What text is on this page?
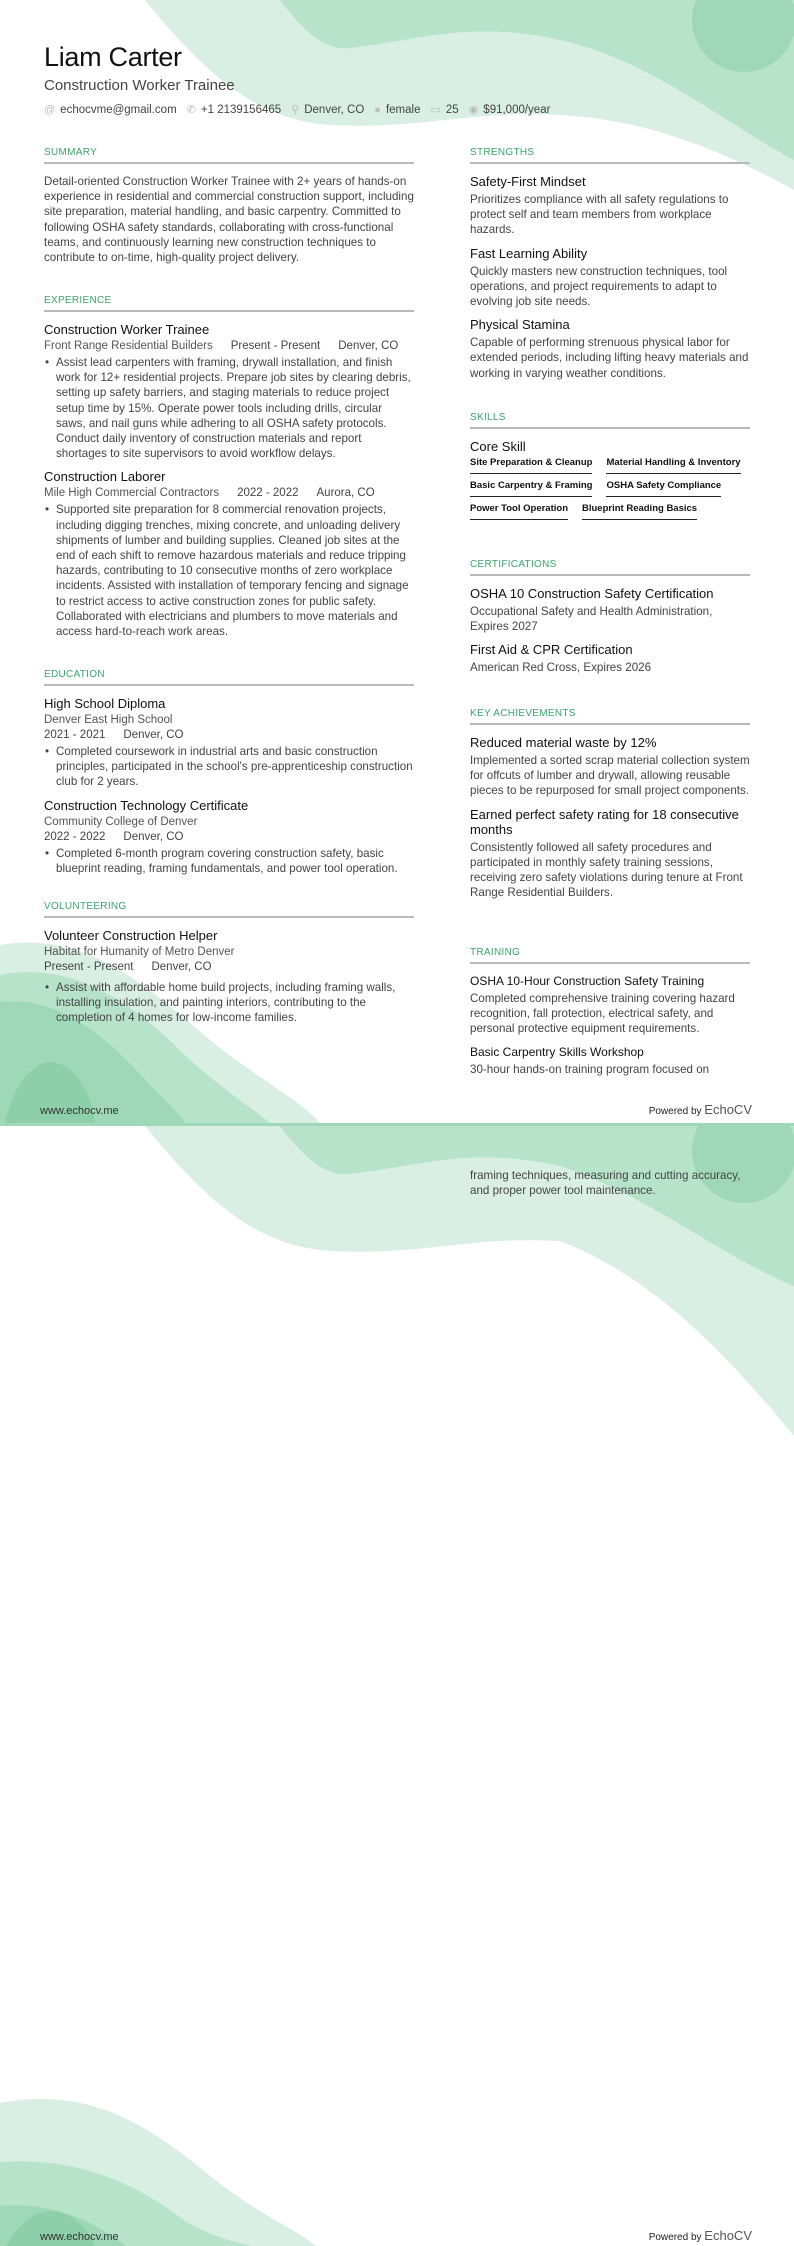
Liam Carter
Construction Worker Trainee
@ echocvme@gmail.com ✆ +1 2139156465 ⚲ Denver, CO ● female ▭ 25 ◉ $91,000/year
SUMMARY
Detail-oriented Construction Worker Trainee with 2+ years of hands-on experience in residential and commercial construction support, including site preparation, material handling, and basic carpentry. Committed to following OSHA safety standards, collaborating with cross-functional teams, and continuously learning new construction techniques to contribute to on-time, high-quality project delivery.
EXPERIENCE
Construction Worker Trainee
Front Range Residential Builders Present - Present Denver, CO
• Assist lead carpenters with framing, drywall installation, and finish work for 12+ residential projects. Prepare job sites by clearing debris, setting up safety barriers, and staging materials to reduce project setup time by 15%. Operate power tools including drills, circular saws, and nail guns while adhering to all OSHA safety protocols. Conduct daily inventory of construction materials and report shortages to site supervisors to avoid workflow delays.
Construction Laborer
Mile High Commercial Contractors 2022 - 2022 Aurora, CO
• Supported site preparation for 8 commercial renovation projects, including digging trenches, mixing concrete, and unloading delivery shipments of lumber and building supplies. Cleaned job sites at the end of each shift to remove hazardous materials and reduce tripping hazards, contributing to 10 consecutive months of zero workplace incidents. Assisted with installation of temporary fencing and signage to restrict access to active construction zones for public safety. Collaborated with electricians and plumbers to move materials and access hard-to-reach work areas.
EDUCATION
High School Diploma
Denver East High School
2021 - 2021 Denver, CO
• Completed coursework in industrial arts and basic construction principles, participated in the school's pre-apprenticeship construction club for 2 years.
Construction Technology Certificate
Community College of Denver
2022 - 2022 Denver, CO
• Completed 6-month program covering construction safety, basic blueprint reading, framing fundamentals, and power tool operation.
VOLUNTEERING
Volunteer Construction Helper
Habitat for Humanity of Metro Denver
Present - Present Denver, CO
• Assist with affordable home build projects, including framing walls, installing insulation, and painting interiors, contributing to the completion of 4 homes for low-income families.
STRENGTHS
Safety-First Mindset
Prioritizes compliance with all safety regulations to protect self and team members from workplace hazards.
Fast Learning Ability
Quickly masters new construction techniques, tool operations, and project requirements to adapt to evolving job site needs.
Physical Stamina
Capable of performing strenuous physical labor for extended periods, including lifting heavy materials and working in varying weather conditions.
SKILLS
Core Skill
Site Preparation & Cleanup Material Handling & Inventory
Basic Carpentry & Framing OSHA Safety Compliance
Power Tool Operation Blueprint Reading Basics
CERTIFICATIONS
OSHA 10 Construction Safety Certification
Occupational Safety and Health Administration, Expires 2027
First Aid & CPR Certification
American Red Cross, Expires 2026
KEY ACHIEVEMENTS
Reduced material waste by 12%
Implemented a sorted scrap material collection system for offcuts of lumber and drywall, allowing reusable pieces to be repurposed for small project components.
Earned perfect safety rating for 18 consecutive months
Consistently followed all safety procedures and participated in monthly safety training sessions, receiving zero safety violations during tenure at Front Range Residential Builders.
TRAINING
OSHA 10-Hour Construction Safety Training
Completed comprehensive training covering hazard recognition, fall protection, electrical safety, and personal protective equipment requirements.
Basic Carpentry Skills Workshop
30-hour hands-on training program focused on
www.echocv.me	Powered by EchoCV
framing techniques, measuring and cutting accuracy, and proper power tool maintenance.
www.echocv.me	Powered by EchoCV
